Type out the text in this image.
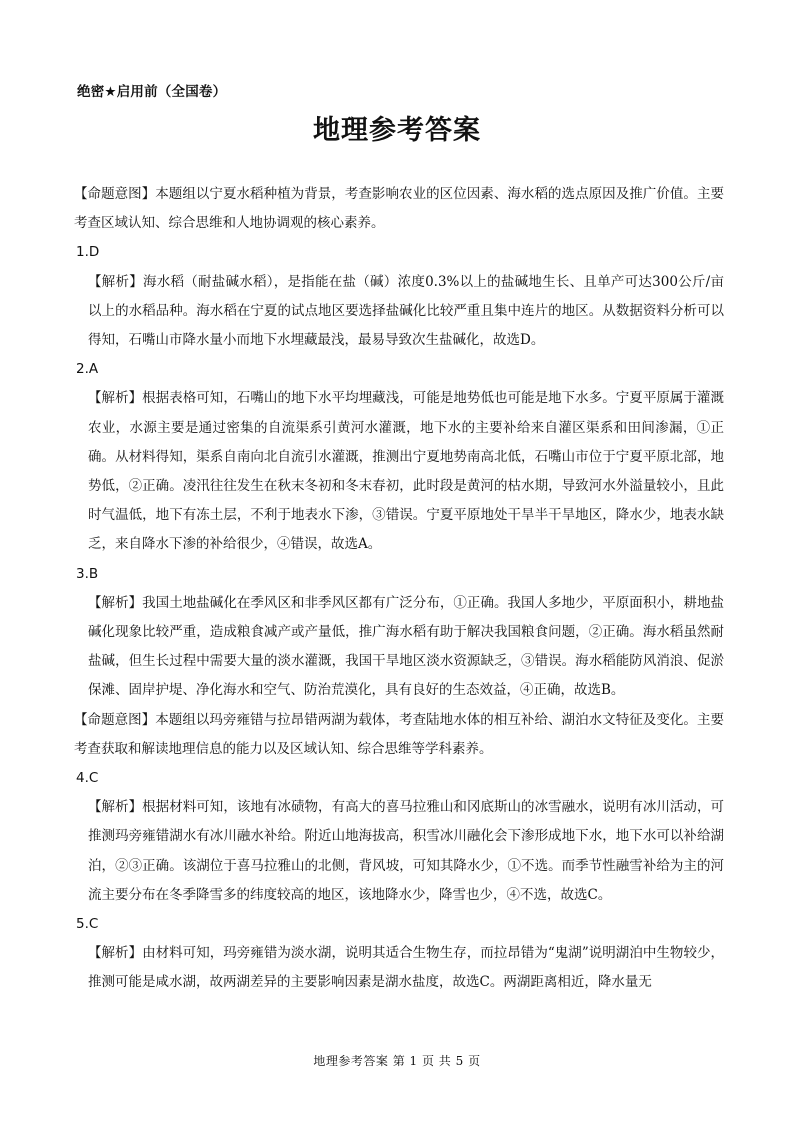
绝密★启用前（全国卷）
地理参考答案

【命题意图】本题组以宁夏水稻种植为背景，考查影响农业的区位因素、海水稻的选点原因及推广价值。主要考查区域认知、综合思维和人地协调观的核心素养。

1.D

【解析】海水稻（耐盐碱水稻），是指能在盐（碱）浓度0.3%以上的盐碱地生长、且单产可达300公斤/亩以上的水稻品种。海水稻在宁夏的试点地区要选择盐碱化比较严重且集中连片的地区。从数据资料分析可以得知，石嘴山市降水量小而地下水埋藏最浅，最易导致次生盐碱化，故选D。

2.A

【解析】根据表格可知，石嘴山的地下水平均埋藏浅，可能是地势低也可能是地下水多。宁夏平原属于灌溉农业，水源主要是通过密集的自流渠系引黄河水灌溉，地下水的主要补给来自灌区渠系和田间渗漏，①正确。从材料得知，渠系自南向北自流引水灌溉，推测出宁夏地势南高北低，石嘴山市位于宁夏平原北部，地势低，②正确。凌汛往往发生在秋末冬初和冬末春初，此时段是黄河的枯水期，导致河水外溢量较小，且此时气温低，地下有冻土层，不利于地表水下渗，③错误。宁夏平原地处干旱半干旱地区，降水少，地表水缺乏，来自降水下渗的补给很少，④错误，故选A。

3.B

【解析】我国土地盐碱化在季风区和非季风区都有广泛分布，①正确。我国人多地少，平原面积小，耕地盐碱化现象比较严重，造成粮食减产或产量低，推广海水稻有助于解决我国粮食问题，②正确。海水稻虽然耐盐碱，但生长过程中需要大量的淡水灌溉，我国干旱地区淡水资源缺乏，③错误。海水稻能防风消浪、促淤保滩、固岸护堤、净化海水和空气、防治荒漠化，具有良好的生态效益，④正确，故选B。

【命题意图】本题组以玛旁雍错与拉昂错两湖为载体，考查陆地水体的相互补给、湖泊水文特征及变化。主要考查获取和解读地理信息的能力以及区域认知、综合思维等学科素养。

4.C

【解析】根据材料可知，该地有冰碛物，有高大的喜马拉雅山和冈底斯山的冰雪融水，说明有冰川活动，可推测玛旁雍错湖水有冰川融水补给。附近山地海拔高，积雪冰川融化会下渗形成地下水，地下水可以补给湖泊，②③正确。该湖位于喜马拉雅山的北侧，背风坡，可知其降水少，①不选。而季节性融雪补给为主的河流主要分布在冬季降雪多的纬度较高的地区，该地降水少，降雪也少，④不选，故选C。

5.C

【解析】由材料可知，玛旁雍错为淡水湖，说明其适合生物生存，而拉昂错为“鬼湖”说明湖泊中生物较少，推测可能是咸水湖，故两湖差异的主要影响因素是湖水盐度，故选C。两湖距离相近，降水量无

地理参考答案 第 1 页 共 5 页
